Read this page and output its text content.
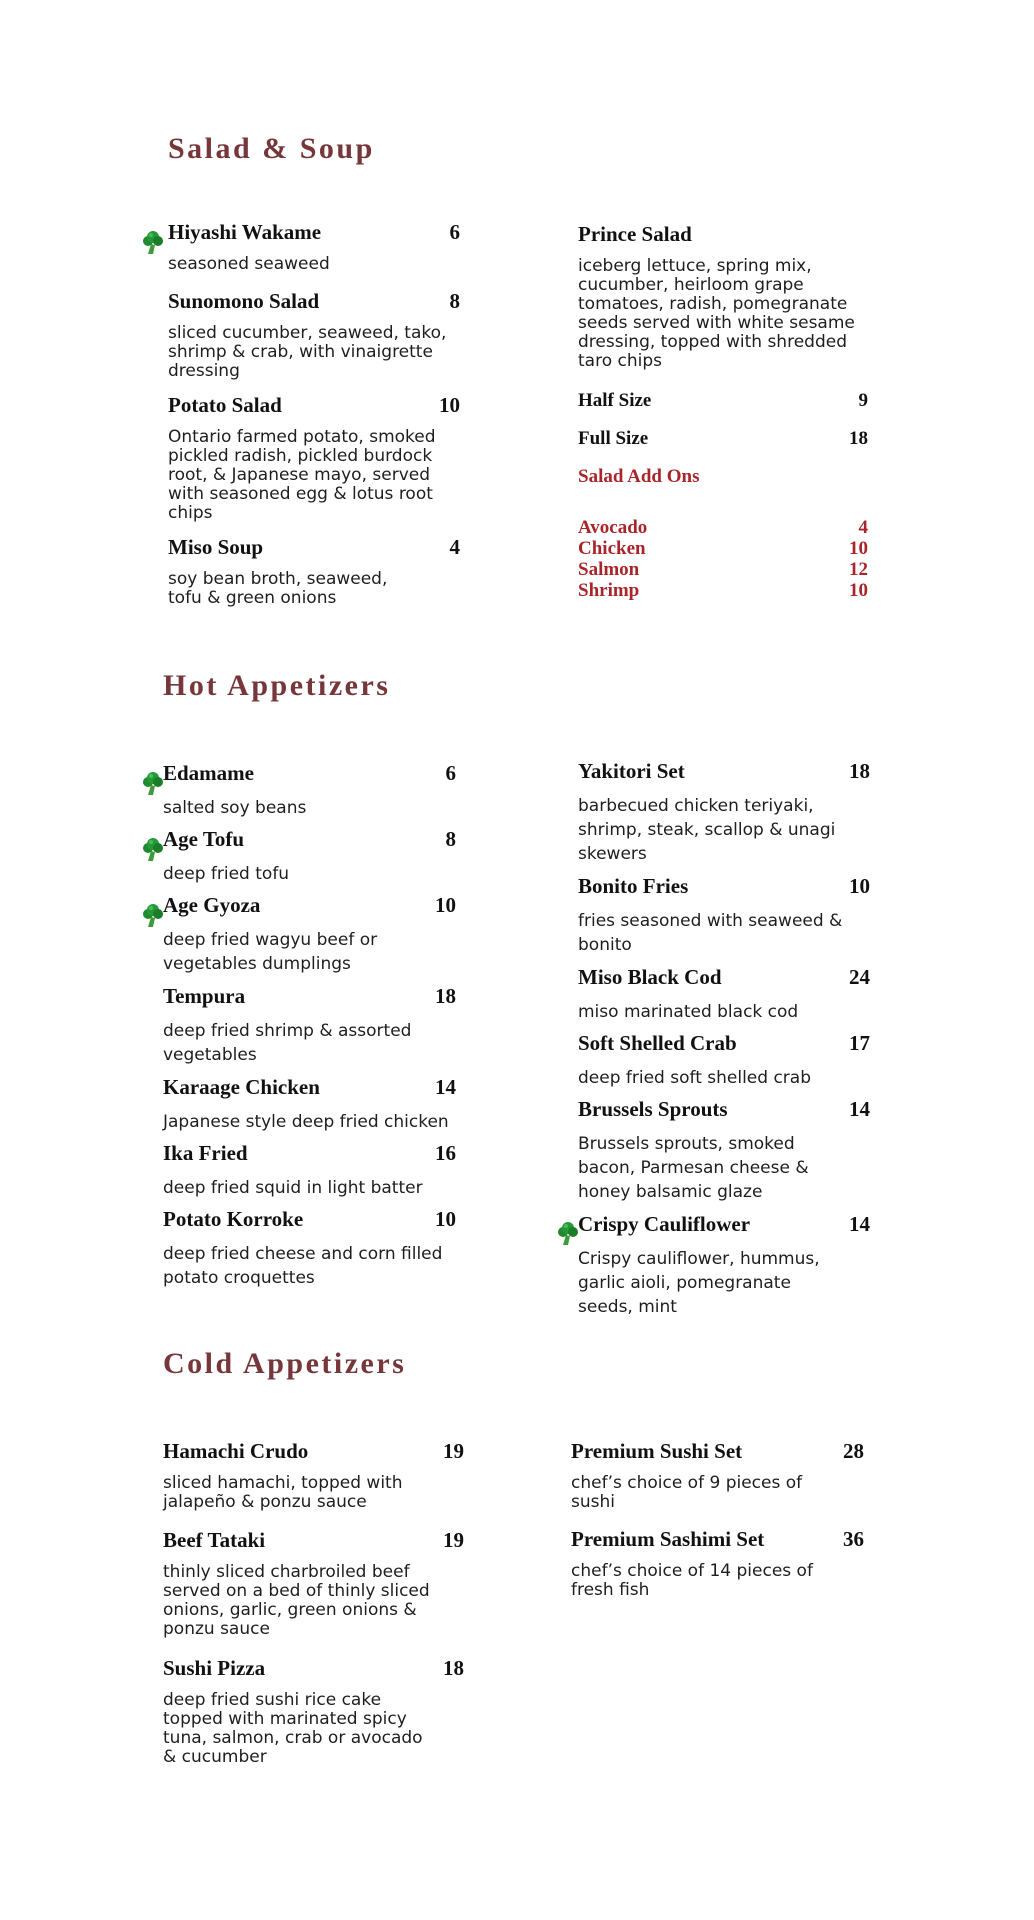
Salad & Soup
Hiyashi Wakame	6
seasoned seaweed
Sunomono Salad	8
sliced cucumber, seaweed, tako, shrimp & crab, with vinaigrette dressing
Potato Salad	10
Ontario farmed potato, smoked pickled radish, pickled burdock root, & Japanese mayo, served with seasoned egg & lotus root chips
Miso Soup	4
soy bean broth, seaweed, tofu & green onions
Prince Salad
iceberg lettuce, spring mix, cucumber, heirloom grape tomatoes, radish, pomegranate seeds served with white sesame dressing, topped with shredded taro chips
Half Size	9
Full Size	18
Salad Add Ons
Avocado	4
Chicken	10
Salmon	12
Shrimp	10
Hot Appetizers
Edamame	6
salted soy beans
Age Tofu	8
deep fried tofu
Age Gyoza	10
deep fried wagyu beef or vegetables dumplings
Tempura	18
deep fried shrimp & assorted vegetables
Karaage Chicken	14
Japanese style deep fried chicken
Ika Fried	16
deep fried squid in light batter
Potato Korroke	10
deep fried cheese and corn filled potato croquettes
Yakitori Set	18
barbecued chicken teriyaki, shrimp, steak, scallop & unagi skewers
Bonito Fries	10
fries seasoned with seaweed & bonito
Miso Black Cod	24
miso marinated black cod
Soft Shelled Crab	17
deep fried soft shelled crab
Brussels Sprouts	14
Brussels sprouts, smoked bacon, Parmesan cheese & honey balsamic glaze
Crispy Cauliflower	14
Crispy cauliflower, hummus, garlic aioli, pomegranate seeds, mint
Cold Appetizers
Hamachi Crudo	19
sliced hamachi, topped with jalapeño & ponzu sauce
Beef Tataki	19
thinly sliced charbroiled beef served on a bed of thinly sliced onions, garlic, green onions & ponzu sauce
Sushi Pizza	18
deep fried sushi rice cake topped with marinated spicy tuna, salmon, crab or avocado & cucumber
Premium Sushi Set	28
chef’s choice of 9 pieces of sushi
Premium Sashimi Set	36
chef’s choice of 14 pieces of fresh fish
